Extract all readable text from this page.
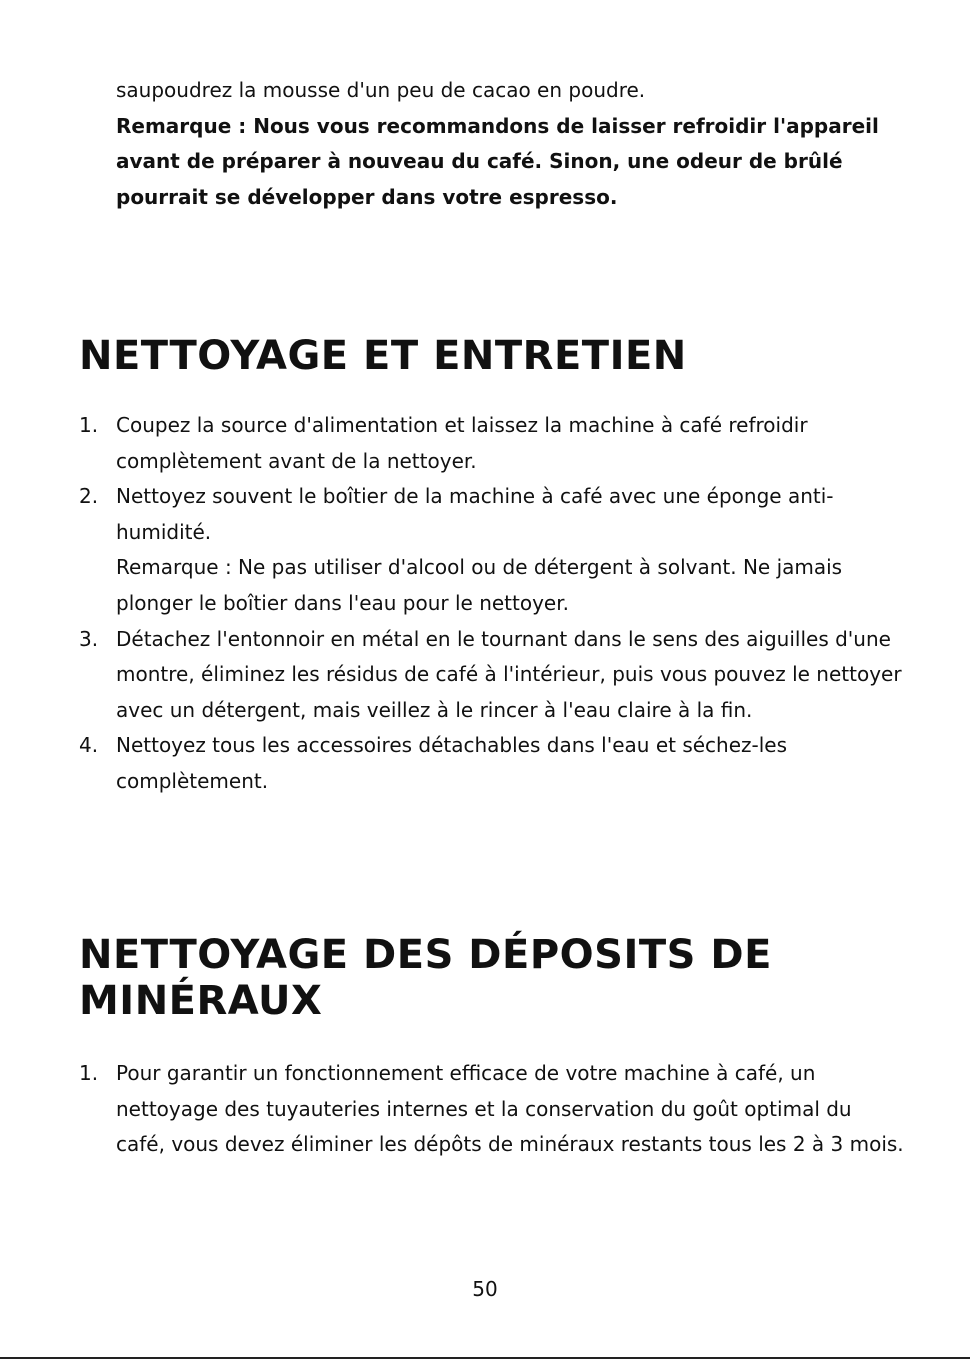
saupoudrez la mousse d'un peu de cacao en poudre.
Remarque : Nous vous recommandons de laisser refroidir l'appareil avant de préparer à nouveau du café. Sinon, une odeur de brûlé pourrait se développer dans votre espresso.
NETTOYAGE ET ENTRETIEN
1. Coupez la source d'alimentation et laissez la machine à café refroidir complètement avant de la nettoyer.
2. Nettoyez souvent le boîtier de la machine à café avec une éponge anti-humidité.
Remarque : Ne pas utiliser d'alcool ou de détergent à solvant. Ne jamais plonger le boîtier dans l'eau pour le nettoyer.
3. Détachez l'entonnoir en métal en le tournant dans le sens des aiguilles d'une montre, éliminez les résidus de café à l'intérieur, puis vous pouvez le nettoyer avec un détergent, mais veillez à le rincer à l'eau claire à la fin.
4. Nettoyez tous les accessoires détachables dans l'eau et séchez-les complètement.
NETTOYAGE DES DÉPOSITS DE
MINÉRAUX
1. Pour garantir un fonctionnement efficace de votre machine à café, un nettoyage des tuyauteries internes et la conservation du goût optimal du café, vous devez éliminer les dépôts de minéraux restants tous les 2 à 3 mois.
50
